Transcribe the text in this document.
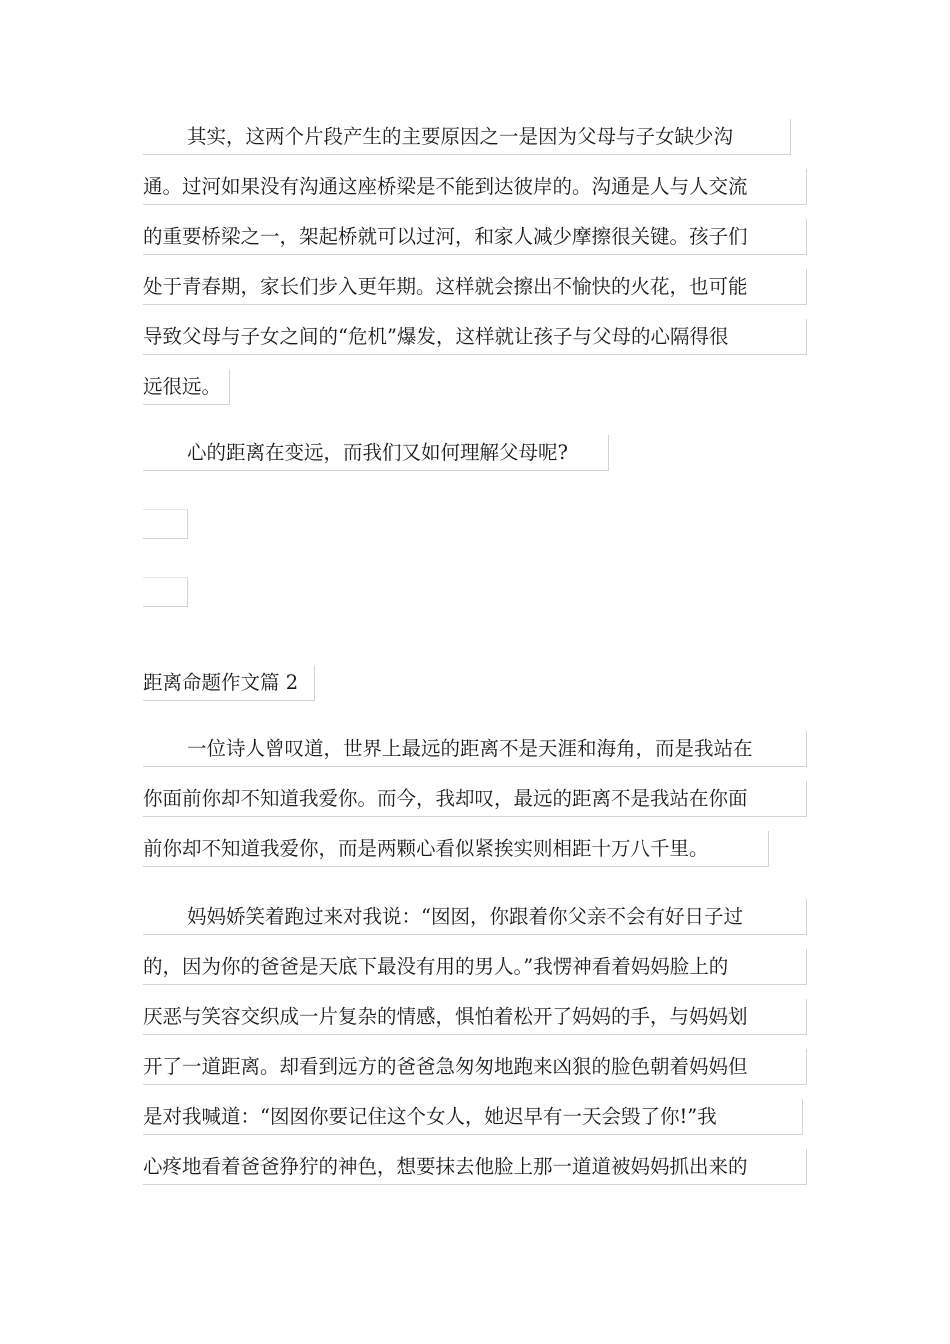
其实，这两个片段产生的主要原因之一是因为父母与子女缺少沟
通。过河如果没有沟通这座桥梁是不能到达彼岸的。沟通是人与人交流
的重要桥梁之一，架起桥就可以过河，和家人减少摩擦很关键。孩子们
处于青春期，家长们步入更年期。这样就会擦出不愉快的火花，也可能
导致父母与子女之间的“危机”爆发，这样就让孩子与父母的心隔得很
远很远。
心的距离在变远，而我们又如何理解父母呢?
距离命题作文篇 2
一位诗人曾叹道，世界上最远的距离不是天涯和海角，而是我站在
你面前你却不知道我爱你。而今，我却叹，最远的距离不是我站在你面
前你却不知道我爱你，而是两颗心看似紧挨实则相距十万八千里。
妈妈娇笑着跑过来对我说：“囡囡，你跟着你父亲不会有好日子过
的，因为你的爸爸是天底下最没有用的男人。”我愣神看着妈妈脸上的
厌恶与笑容交织成一片复杂的情感，惧怕着松开了妈妈的手，与妈妈划
开了一道距离。却看到远方的爸爸急匆匆地跑来凶狠的脸色朝着妈妈但
是对我喊道：“囡囡你要记住这个女人，她迟早有一天会毁了你!”我
心疼地看着爸爸狰狞的神色，想要抹去他脸上那一道道被妈妈抓出来的
